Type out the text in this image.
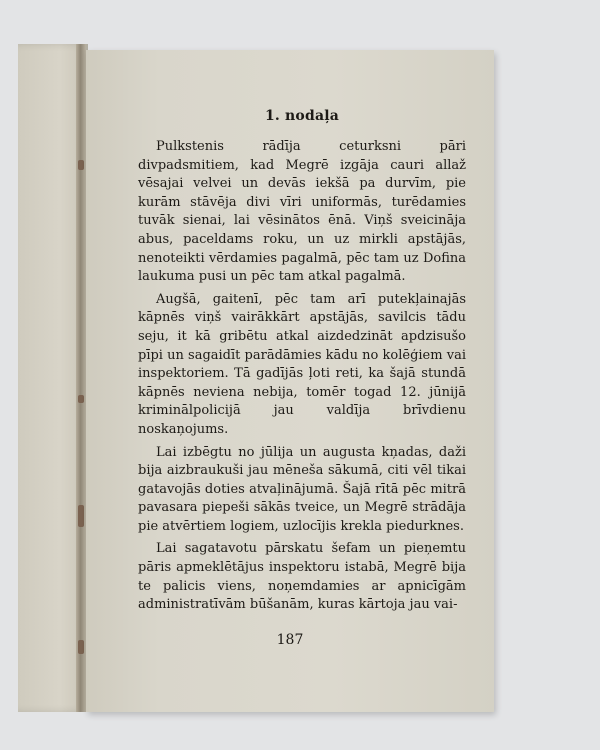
1. nodaļa

Pulkstenis rādīja ceturksni pāri divpadsmitiem, kad Megrē izgāja cauri allaž vēsajai velvei un devās iekšā pa durvīm, pie kurām stāvēja divi vīri uniformās, turēdamies tuvāk sienai, lai vēsinātos ēnā. Viņš sveicināja abus, paceldams roku, un uz mirkli apstājās, nenoteikti vērdamies pagalmā, pēc tam uz Dofina laukuma pusi un pēc tam atkal pagalmā.

Augšā, gaitenī, pēc tam arī putekļainajās kāpnēs viņš vairākkārt apstājās, savilcis tādu seju, it kā gribētu atkal aizdedzināt apdzisušo pīpi un sagaidīt parādāmies kādu no kolēģiem vai inspektoriem. Tā gadījās ļoti reti, ka šajā stundā kāpnēs neviena nebija, tomēr togad 12. jūnijā kriminālpolicijā jau valdīja brīvdienu noskaņojums.

Lai izbēgtu no jūlija un augusta kņadas, daži bija aizbraukuši jau mēneša sākumā, citi vēl tikai gatavojās doties atvaļinājumā. Šajā rītā pēc mitrā pavasara piepeši sākās tveice, un Megrē strādāja pie atvērtiem logiem, uzlocījis krekla piedurknes.

Lai sagatavotu pārskatu šefam un pieņemtu pāris apmeklētājus inspektoru istabā, Megrē bija te palicis viens, noņemdamies ar apnicīgām administratīvām būšanām, kuras kārtoja jau vai-

187
